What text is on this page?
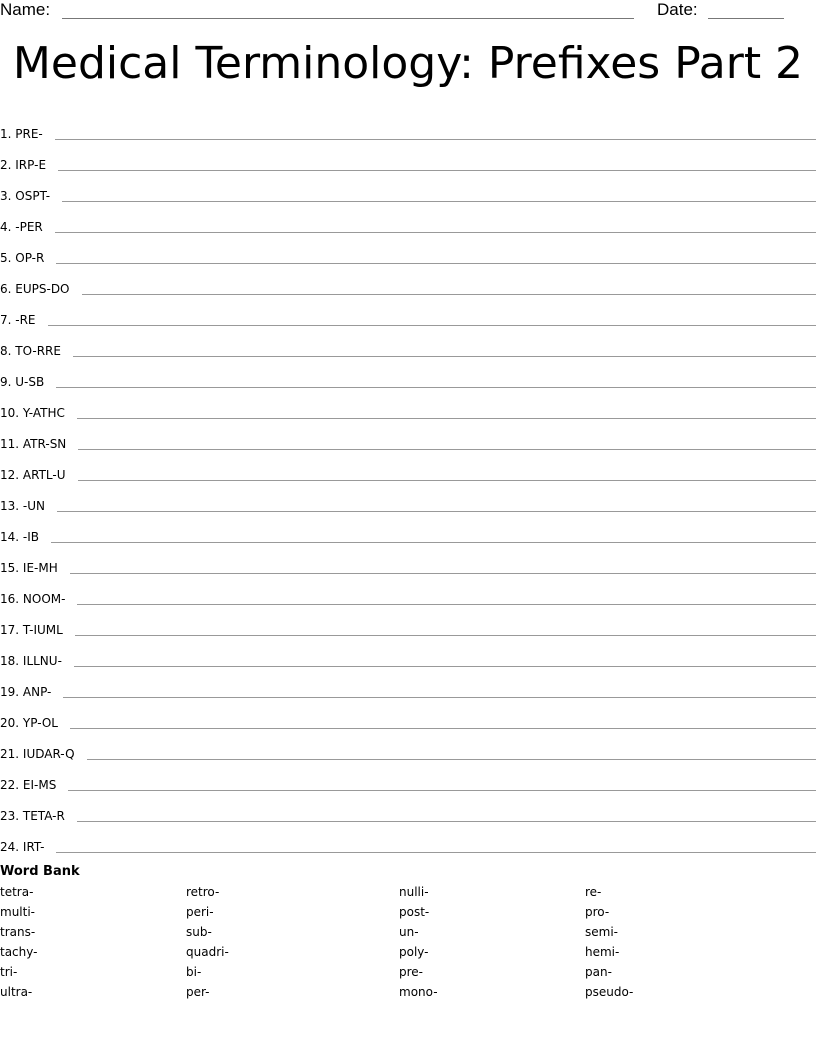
Name:	Date:
Medical Terminology: Prefixes Part 2
1. PRE-
2. IRP-E
3. OSPT-
4. -PER
5. OP-R
6. EUPS-DO
7. -RE
8. TO-RRE
9. U-SB
10. Y-ATHC
11. ATR-SN
12. ARTL-U
13. -UN
14. -IB
15. IE-MH
16. NOOM-
17. T-IUML
18. ILLNU-
19. ANP-
20. YP-OL
21. IUDAR-Q
22. EI-MS
23. TETA-R
24. IRT-
Word Bank
tetra-
multi-
trans-
tachy-
tri-
ultra-
retro-
peri-
sub-
quadri-
bi-
per-
nulli-
post-
un-
poly-
pre-
mono-
re-
pro-
semi-
hemi-
pan-
pseudo-
